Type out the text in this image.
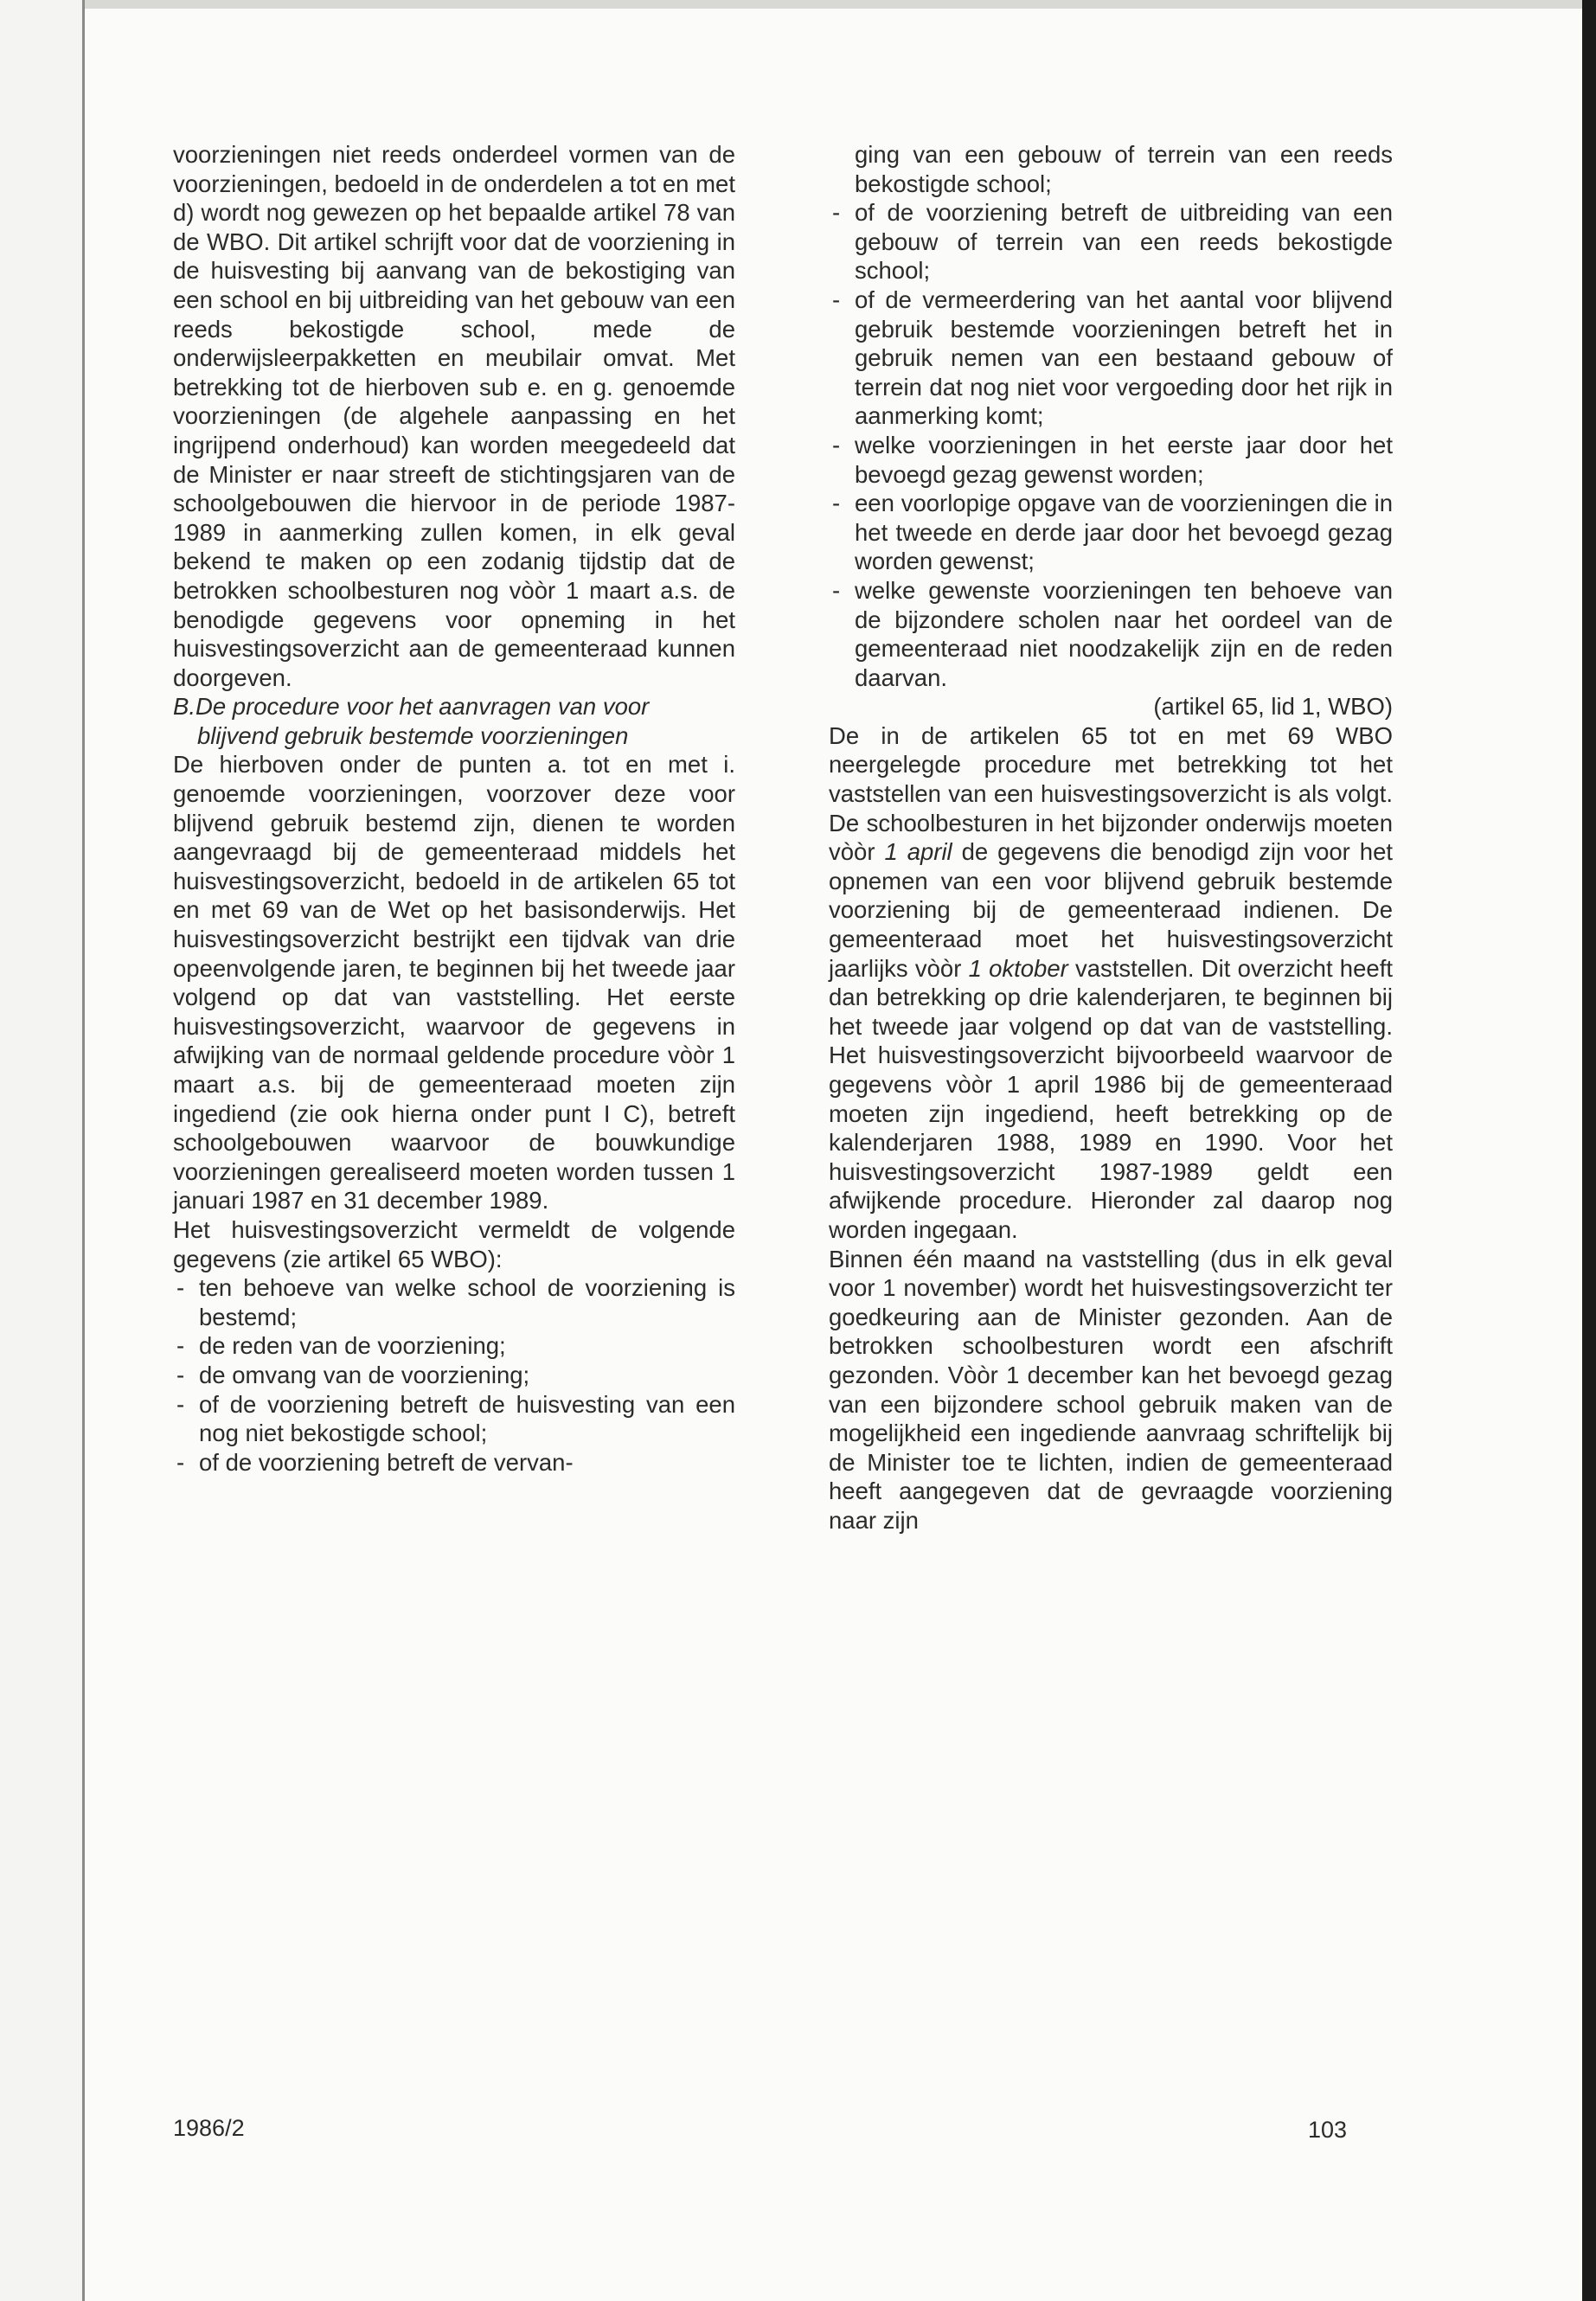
voorzieningen niet reeds onderdeel vormen van de voorzieningen, bedoeld in de onderdelen a tot en met d) wordt nog gewezen op het bepaalde artikel 78 van de WBO. Dit artikel schrijft voor dat de voorziening in de huisvesting bij aanvang van de bekostiging van een school en bij uitbreiding van het gebouw van een reeds bekostigde school, mede de onderwijsleerpakketten en meubilair omvat. Met betrekking tot de hierboven sub e. en g. genoemde voorzieningen (de algehele aanpassing en het ingrijpend onderhoud) kan worden meegedeeld dat de Minister er naar streeft de stichtingsjaren van de schoolgebouwen die hiervoor in de periode 1987-1989 in aanmerking zullen komen, in elk geval bekend te maken op een zodanig tijdstip dat de betrokken schoolbesturen nog vòòr 1 maart a.s. de benodigde gegevens voor opneming in het huisvestingsoverzicht aan de gemeenteraad kunnen doorgeven.

B.De procedure voor het aanvragen van voor blijvend gebruik bestemde voorzieningen

De hierboven onder de punten a. tot en met i. genoemde voorzieningen, voorzover deze voor blijvend gebruik bestemd zijn, dienen te worden aangevraagd bij de gemeenteraad middels het huisvestingsoverzicht, bedoeld in de artikelen 65 tot en met 69 van de Wet op het basisonderwijs. Het huisvestingsoverzicht bestrijkt een tijdvak van drie opeenvolgende jaren, te beginnen bij het tweede jaar volgend op dat van vaststelling. Het eerste huisvestingsoverzicht, waarvoor de gegevens in afwijking van de normaal geldende procedure vòòr 1 maart a.s. bij de gemeenteraad moeten zijn ingediend (zie ook hierna onder punt I C), betreft schoolgebouwen waarvoor de bouwkundige voorzieningen gerealiseerd moeten worden tussen 1 januari 1987 en 31 december 1989.

Het huisvestingsoverzicht vermeldt de volgende gegevens (zie artikel 65 WBO):

- ten behoeve van welke school de voorziening is bestemd;
- de reden van de voorziening;
- de omvang van de voorziening;
- of de voorziening betreft de huisvesting van een nog niet bekostigde school;
- of de voorziening betreft de vervan-

ging van een gebouw of terrein van een reeds bekostigde school;

- of de voorziening betreft de uitbreiding van een gebouw of terrein van een reeds bekostigde school;
- of de vermeerdering van het aantal voor blijvend gebruik bestemde voorzieningen betreft het in gebruik nemen van een bestaand gebouw of terrein dat nog niet voor vergoeding door het rijk in aanmerking komt;
- welke voorzieningen in het eerste jaar door het bevoegd gezag gewenst worden;
- een voorlopige opgave van de voorzieningen die in het tweede en derde jaar door het bevoegd gezag worden gewenst;
- welke gewenste voorzieningen ten behoeve van de bijzondere scholen naar het oordeel van de gemeenteraad niet noodzakelijk zijn en de reden daarvan.

(artikel 65, lid 1, WBO)

De in de artikelen 65 tot en met 69 WBO neergelegde procedure met betrekking tot het vaststellen van een huisvestingsoverzicht is als volgt. De schoolbesturen in het bijzonder onderwijs moeten vòòr 1 april de gegevens die benodigd zijn voor het opnemen van een voor blijvend gebruik bestemde voorziening bij de gemeenteraad indienen. De gemeenteraad moet het huisvestingsoverzicht jaarlijks vòòr 1 oktober vaststellen. Dit overzicht heeft dan betrekking op drie kalenderjaren, te beginnen bij het tweede jaar volgend op dat van de vaststelling. Het huisvestingsoverzicht bijvoorbeeld waarvoor de gegevens vòòr 1 april 1986 bij de gemeenteraad moeten zijn ingediend, heeft betrekking op de kalenderjaren 1988, 1989 en 1990. Voor het huisvestingsoverzicht 1987-1989 geldt een afwijkende procedure. Hieronder zal daarop nog worden ingegaan.

Binnen één maand na vaststelling (dus in elk geval voor 1 november) wordt het huisvestingsoverzicht ter goedkeuring aan de Minister gezonden. Aan de betrokken schoolbesturen wordt een afschrift gezonden. Vòòr 1 december kan het bevoegd gezag van een bijzondere school gebruik maken van de mogelijkheid een ingediende aanvraag schriftelijk bij de Minister toe te lichten, indien de gemeenteraad heeft aangegeven dat de gevraagde voorziening naar zijn

1986/2	103
